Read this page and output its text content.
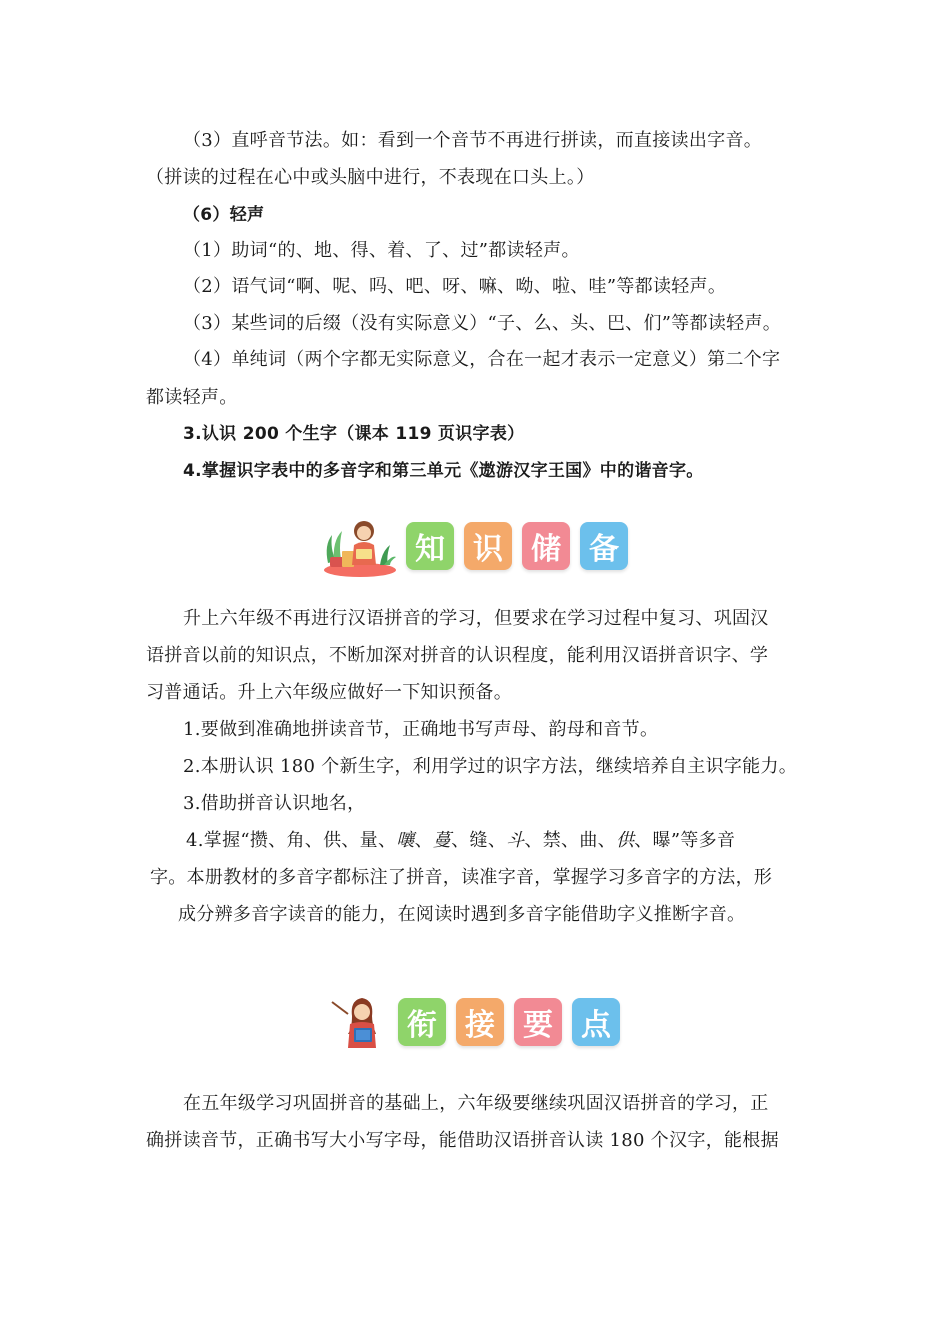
（3）直呼音节法。如：看到一个音节不再进行拼读，而直接读出字音。
（拼读的过程在心中或头脑中进行，不表现在口头上。）
（6）轻声
（1）助词“的、地、得、着、了、过”都读轻声。
（2）语气词“啊、呢、吗、吧、呀、嘛、呦、啦、哇”等都读轻声。
（3）某些词的后缀（没有实际意义）“子、么、头、巴、们”等都读轻声。
（4）单纯词（两个字都无实际意义，合在一起才表示一定意义）第二个字
都读轻声。
3.认识 200 个生字（课本 119 页识字表）
4.掌握识字表中的多音字和第三单元《遨游汉字王国》中的谐音字。
知 识 储 备
升上六年级不再进行汉语拼音的学习，但要求在学习过程中复习、巩固汉
语拼音以前的知识点，不断加深对拼音的认识程度，能利用汉语拼音识字、学
习普通话。升上六年级应做好一下知识预备。
1.要做到准确地拼读音节，正确地书写声母、韵母和音节。
2.本册认识 180 个新生字，利用学过的识字方法，继续培养自主识字能力。
3.借助拼音认识地名，
4.掌握“攒、角、供、量、嚷、蔓、缝、斗、禁、曲、供、曝”等多音
字。本册教材的多音字都标注了拼音，读准字音，掌握学习多音字的方法，形
成分辨多音字读音的能力，在阅读时遇到多音字能借助字义推断字音。
衔 接 要 点
在五年级学习巩固拼音的基础上，六年级要继续巩固汉语拼音的学习，正
确拼读音节，正确书写大小写字母，能借助汉语拼音认读 180 个汉字，能根据
